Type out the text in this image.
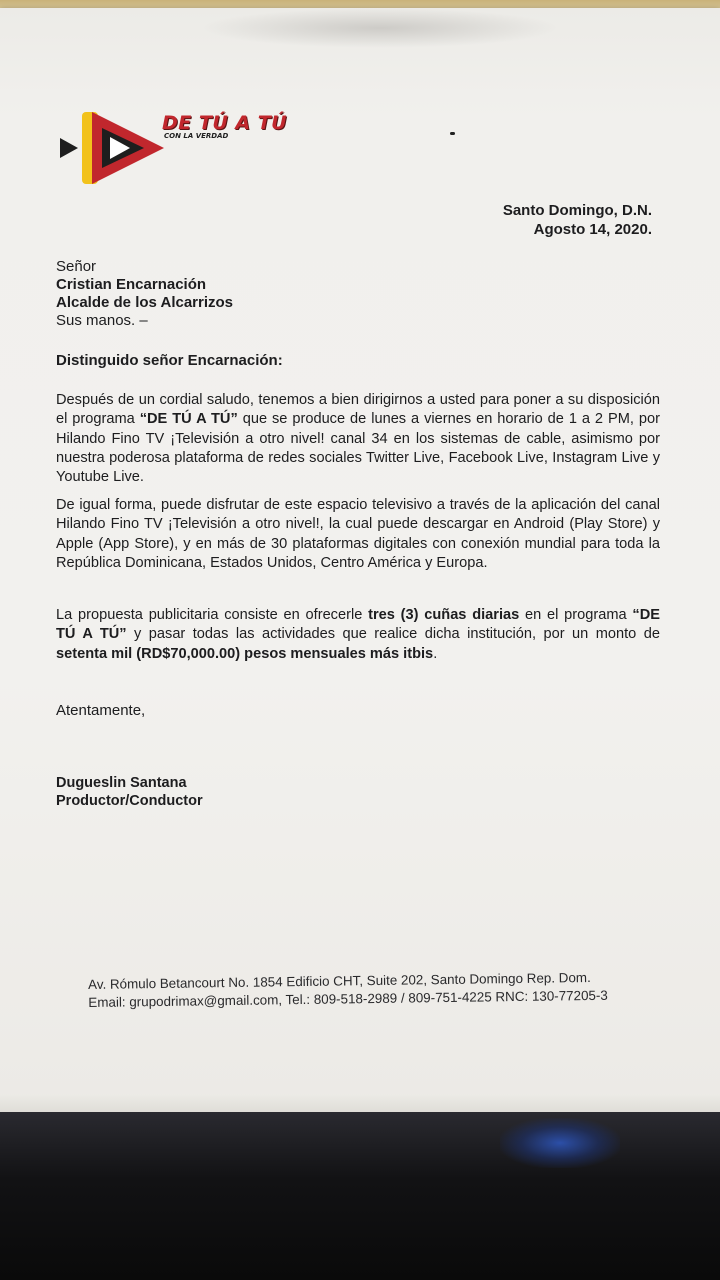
DE TÚ A TÚ
CON LA VERDAD
Santo Domingo, D.N.
Agosto 14, 2020.
Señor
Cristian Encarnación
Alcalde de los Alcarrizos
Sus manos. –
Distinguido señor Encarnación:
Después de un cordial saludo, tenemos a bien dirigirnos a usted para poner a su disposición el programa “DE TÚ A TÚ” que se produce de lunes a viernes en horario de 1 a 2 PM, por Hilando Fino TV ¡Televisión a otro nivel! canal 34 en los sistemas de cable, asimismo por nuestra poderosa plataforma de redes sociales Twitter Live, Facebook Live, Instagram Live y Youtube Live.
De igual forma, puede disfrutar de este espacio televisivo a través de la aplicación del canal Hilando Fino TV ¡Televisión a otro nivel!, la cual puede descargar en Android (Play Store) y Apple (App Store), y en más de 30 plataformas digitales con conexión mundial para toda la República Dominicana, Estados Unidos, Centro América y Europa.
La propuesta publicitaria consiste en ofrecerle tres (3) cuñas diarias en el programa “DE TÚ A TÚ” y pasar todas las actividades que realice dicha institución, por un monto de setenta mil (RD$70,000.00) pesos mensuales más itbis.
Atentamente,
Dugueslin Santana
Productor/Conductor
Av. Rómulo Betancourt No. 1854 Edificio CHT, Suite 202, Santo Domingo Rep. Dom.
Email: grupodrimax@gmail.com, Tel.: 809-518-2989 / 809-751-4225 RNC: 130-77205-3
